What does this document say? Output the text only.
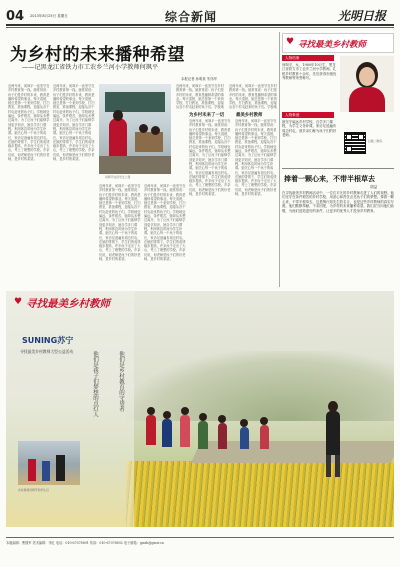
04 2013年8月25日 星期日	综合新闻	光明日报
为乡村的未来播种希望
——记黑龙江省铁力市工农乡兰河小学教师何飒平
本报记者 孙明泉 朱伟华
♥ 寻找最美乡村教师
人物档案
何飒平，女，1980年10月生，黑龙江省铁力市工农乡兰河小学教师。扎根乡村教育十余年，先后获得市级优秀教师等荣誉称号。
人物事迹
她坚守偏远乡村学校，自学多门课程，为学生义务补课，家访足迹遍布周边村屯，被乡亲们称为孩子们的好老师。
扫描二维码
捧着一颗心来，不带半根草去
胡益
在寻找最美乡村教师活动中，一位位平凡的乡村教师走进了人们的视野。他们坚守在条件艰苦的乡村学校，用爱心和责任点亮孩子们的梦想。捧着一颗心来，不带半根草去，这是陶行知先生的名言，也是这些乡村教师的真实写照。他们默默奉献，不求回报，为乡村的未来播种希望。我们应当向他们致敬，为他们创造更好的条件，让更多的优秀人才投身乡村教育。
何飒平在给学生上课
近两年来，何飒平一直坚守在乡村教育第一线。她常常说：孩子们是乡村的未来，教育是播种希望的事业。每天清晨，她总是第一个来到学校，打扫教室，准备课程，迎接从各个村屯赶来的孩子们。学校地处偏远，条件艰苦，她却从未想过离开。为了让孩子们能够学到更多知识，她自学多门课程，利用休息时间为学生补课。她关心每一个孩子的成长，家访足迹遍布周边村屯。在她的带领下，学生们的成绩稳步提高，许多孩子走出了大山，考上了理想的学校。乡亲们说，何老师是孩子们的好老师，是乡村的希望。
近两年来，何飒平一直坚守在乡村教育第一线。她常常说：孩子们是乡村的未来，教育是播种希望的事业。每天清晨，她总是第一个来到学校，打扫教室，准备课程，迎接从各个村屯赶来的孩子们。学校地处偏远，条件艰苦，她却从未想过离开。为了让孩子们能够学到更多知识，她自学多门课程，利用休息时间为学生补课。她关心每一个孩子的成长，家访足迹遍布周边村屯。在她的带领下，学生们的成绩稳步提高，许多孩子走出了大山，考上了理想的学校。乡亲们说，何老师是孩子们的好老师，是乡村的希望。
近两年来，何飒平一直坚守在乡村教育第一线。她常常说：孩子们是乡村的未来，教育是播种希望的事业。每天清晨，她总是第一个来到学校，打扫教室，准备课程，迎接从各个村屯赶来的孩子们。学校地处偏远，条件艰苦，她却从未想过离开。为了让孩子们能够学到更多知识，她自学多门课程，利用休息时间为学生补课。她关心每一个孩子的成长，家访足迹遍布周边村屯。在她的带领下，学生们的成绩稳步提高，许多孩子走出了大山，考上了理想的学校。乡亲们说，何老师是孩子们的好老师，是乡村的希望。
近两年来，何飒平一直坚守在乡村教育第一线。她常常说：孩子们是乡村的未来，教育是播种希望的事业。每天清晨，她总是第一个来到学校，打扫教室，准备课程，迎接从各个村屯赶来的孩子们。学校地处偏远，条件艰苦，她却从未想过离开。为了让孩子们能够学到更多知识，她自学多门课程，利用休息时间为学生补课。她关心每一个孩子的成长，家访足迹遍布周边村屯。在她的带领下，学生们的成绩稳步提高，许多孩子走出了大山，考上了理想的学校。乡亲们说，何老师是孩子们的好老师，是乡村的希望。
为乡村未来了一切
近两年来，何飒平一直坚守在乡村教育第一线。她常常说：孩子们是乡村的未来，教育是播种希望的事业。每天清晨，她总是第一个来到学校，打扫教室，准备课程，迎接从各个村屯赶来的孩子们。学校地
近两年来，何飒平一直坚守在乡村教育第一线。她常常说：孩子们是乡村的未来，教育是播种希望的事业。每天清晨，她总是第一个来到学校，打扫教室，准备课程，迎接从各个村屯赶来的孩子们。学校地处偏远，条件艰苦，她却从未想过离开。为了让孩子们能够学到更多知识，她自学多门课程，利用休息时间为学生补课。她关心每一个孩子的成长，家访足迹遍布周边村屯。在她的带领下，学生们的成绩稳步提高，许多孩子走出了大山，考上了理想的学校。乡亲们说，何老师是孩子们的好老师，是乡村的希望。
近两年来，何飒平一直坚守在乡村教育第一线。她常常说：孩子们是乡村的未来，教育是播种希望的事业。每天清晨，她总是第一个来到学校，打扫教室，准备课程，迎接从各个村屯赶来的孩子们。学校地
最美乡村教师
近两年来，何飒平一直坚守在乡村教育第一线。她常常说：孩子们是乡村的未来，教育是播种希望的事业。每天清晨，她总是第一个来到学校，打扫教室，准备课程，迎接从各个村屯赶来的孩子们。学校地处偏远，条件艰苦，她却从未想过离开。为了让孩子们能够学到更多知识，她自学多门课程，利用休息时间为学生补课。她关心每一个孩子的成长，家访足迹遍布周边村屯。在她的带领下，学生们的成绩稳步提高，许多孩子走出了大山，考上了理想的学校。乡亲们说，何老师是孩子们的好老师，是乡村的希望。
♥ 寻找最美乡村教师
SUNING苏宁
他们是乡村教育的守望者
他们是孩子们梦想的点灯人
寻找最美乡村教师大型公益活动
乡村教师何飒平和学生们
本版编辑：曹继军 美术编辑：李红 电话：010-67078891 传真：010-67078892 电子邮箱：gmrb@gmw.cn
